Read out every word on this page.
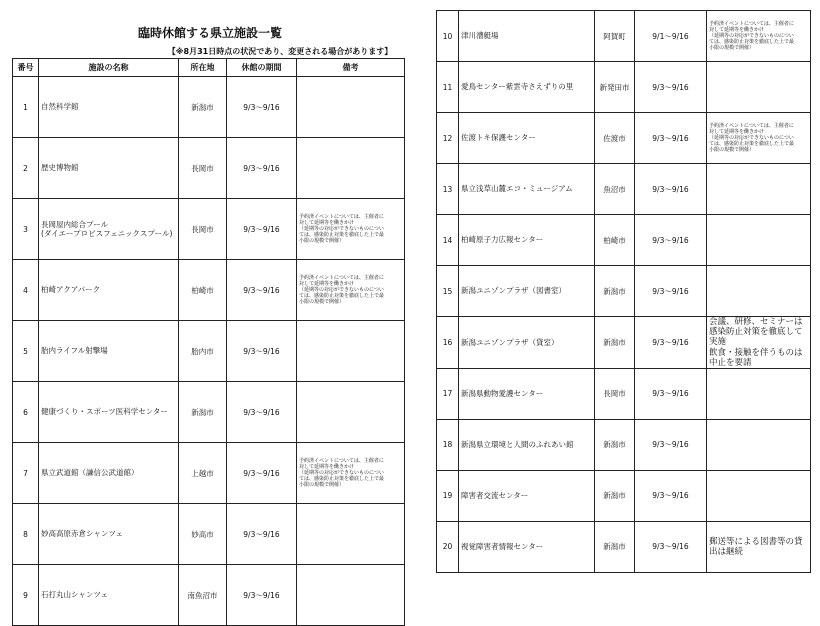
臨時休館する県立施設一覧
【※8月31日時点の状況であり、変更される場合があります】
番号	施設の名称	所在地	休館の期間	備考
1	自然科学館	新潟市	9/3～9/16	
2	歴史博物館	長岡市	9/3～9/16	
3	長岡屋内総合プール
(ダイエープロビスフェニックスプール)	長岡市	9/3～9/16	予約済イベントについては、主催者に
対して延期等を働きかけ
（延期等の対応ができないものについ
ては、感染防止対策を徹底した上で最
小限の規模で開催）
4	柏崎アクアパーク	柏崎市	9/3～9/16	予約済イベントについては、主催者に
対して延期等を働きかけ
（延期等の対応ができないものについ
ては、感染防止対策を徹底した上で最
小限の規模で開催）
5	胎内ライフル射撃場	胎内市	9/3～9/16	
6	健康づくり・スポーツ医科学センター	新潟市	9/3～9/16	
7	県立武道館（謙信公武道館）	上越市	9/3～9/16	予約済イベントについては、主催者に
対して延期等を働きかけ
（延期等の対応ができないものについ
ては、感染防止対策を徹底した上で最
小限の規模で開催）
8	妙高高原赤倉シャンツェ	妙高市	9/3～9/16	
9	石打丸山シャンツェ	南魚沼市	9/3～9/16	
10	津川漕艇場	阿賀町	9/1～9/16	予約済イベントについては、主催者に
対して延期等を働きかけ
（延期等の対応ができないものについ
ては、感染防止対策を徹底した上で最
小限の規模で開催）
11	愛鳥センター紫雲寺さえずりの里	新発田市	9/3～9/16	
12	佐渡トキ保護センター	佐渡市	9/3～9/16	予約済イベントについては、主催者に
対して延期等を働きかけ
（延期等の対応ができないものについ
ては、感染防止対策を徹底した上で最
小限の規模で開催）
13	県立浅草山麓エコ・ミュージアム	魚沼市	9/3～9/16	
14	柏崎原子力広報センター	柏崎市	9/3～9/16	
15	新潟ユニゾンプラザ（図書室）	新潟市	9/3～9/16	
16	新潟ユニゾンプラザ（貸室）	新潟市	9/3～9/16	会議、研修、セミナーは
感染防止対策を徹底して
実施
飲食・接触を伴うものは
中止を要請
17	新潟県動物愛護センター	長岡市	9/3～9/16	
18	新潟県立環境と人間のふれあい館	新潟市	9/3～9/16	
19	障害者交流センター	新潟市	9/3～9/16	
20	視覚障害者情報センター	新潟市	9/3～9/16	郵送等による図書等の貸
出は継続
